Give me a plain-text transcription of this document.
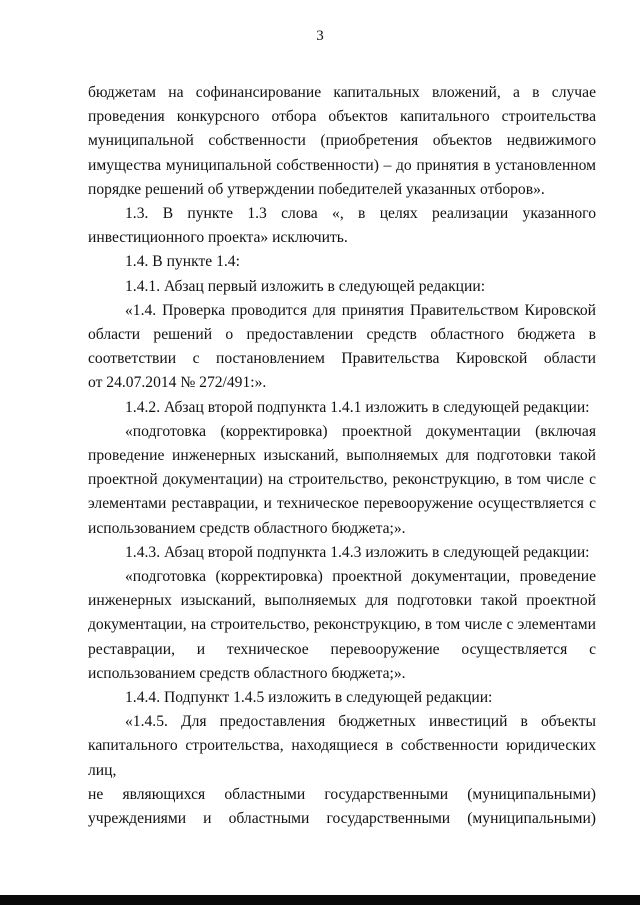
3

бюджетам на софинансирование капитальных вложений, а в случае

проведения конкурсного отбора объектов капитального строительства

муниципальной собственности (приобретения объектов недвижимого

имущества муниципальной собственности) – до принятия в установленном

порядке решений об утверждении победителей указанных отборов».

1.3. В пункте 1.3 слова «, в целях реализации указанного

инвестиционного проекта» исключить.

1.4. В пункте 1.4:

1.4.1. Абзац первый изложить в следующей редакции:

«1.4. Проверка проводится для принятия Правительством Кировской

области решений о предоставлении средств областного бюджета в

соответствии с постановлением Правительства Кировской области

от 24.07.2014 № 272/491:».

1.4.2. Абзац второй подпункта 1.4.1 изложить в следующей редакции:

«подготовка (корректировка) проектной документации (включая

проведение инженерных изысканий, выполняемых для подготовки такой

проектной документации) на строительство, реконструкцию, в том числе с

элементами реставрации, и техническое перевооружение осуществляется с

использованием средств областного бюджета;».

1.4.3. Абзац второй подпункта 1.4.3 изложить в следующей редакции:

«подготовка (корректировка) проектной документации, проведение

инженерных изысканий, выполняемых для подготовки такой проектной

документации, на строительство, реконструкцию, в том числе с элементами

реставрации, и техническое перевооружение осуществляется с

использованием средств областного бюджета;».

1.4.4. Подпункт 1.4.5 изложить в следующей редакции:

«1.4.5. Для предоставления бюджетных инвестиций в объекты

капитального строительства, находящиеся в собственности юридических лиц,

не являющихся областными государственными (муниципальными)

учреждениями и областными государственными (муниципальными)
